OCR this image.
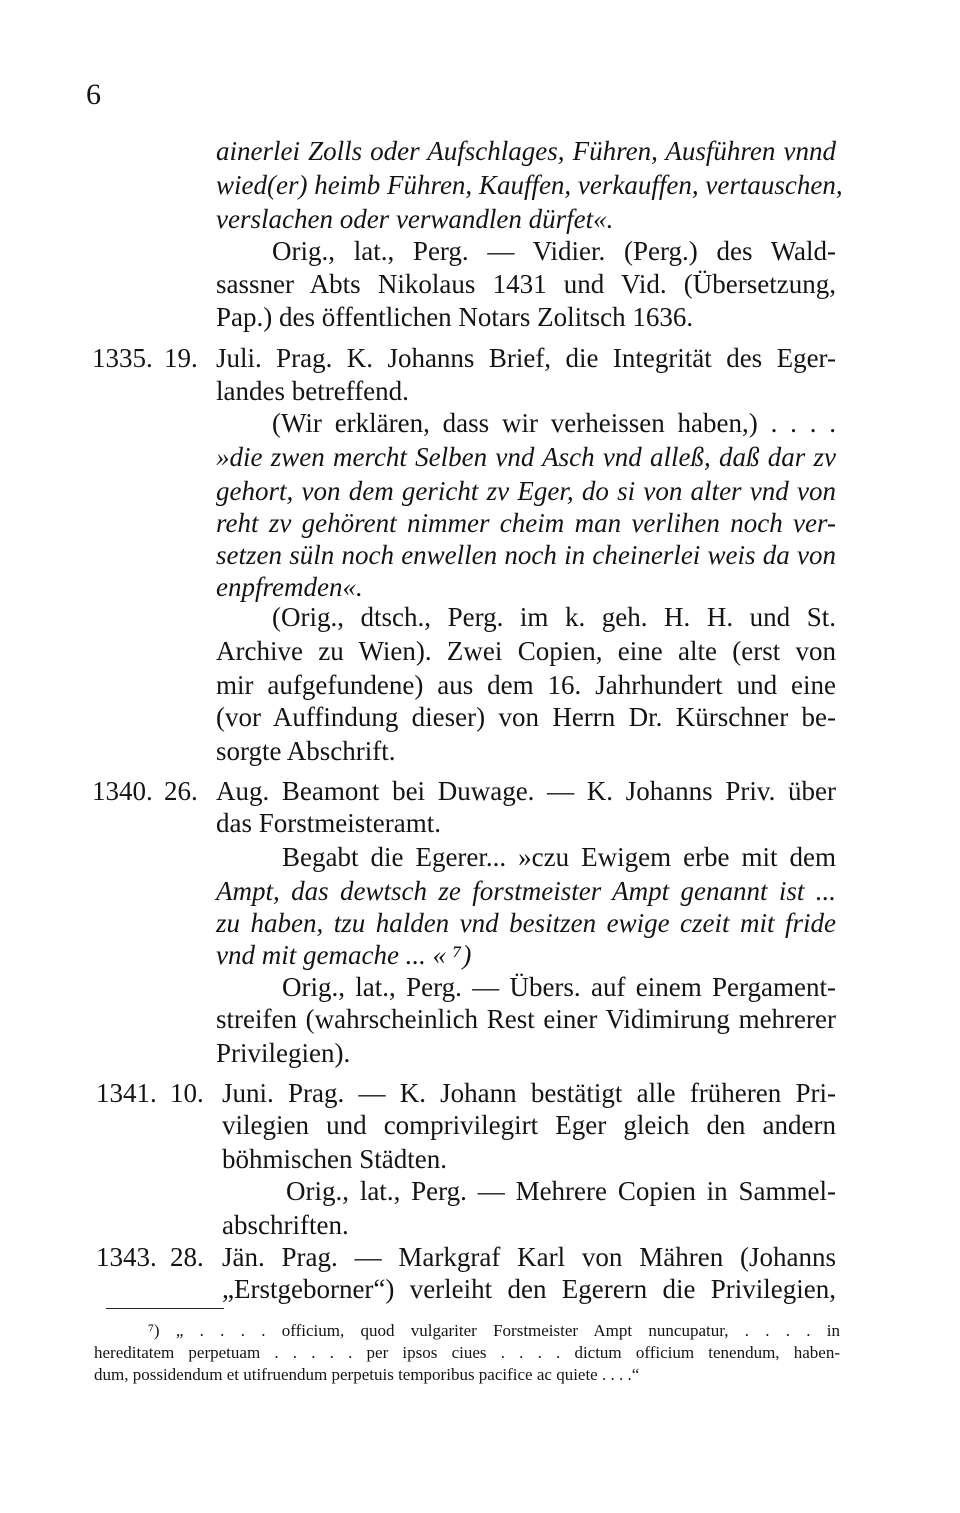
6
ainerlei Zolls oder Aufschlages, Führen, Ausführen vnnd
wied(er) heimb Führen, Kauffen, verkauffen, vertauschen,
verslachen oder verwandlen dürfet«.
Orig., lat., Perg. — Vidier. (Perg.) des Wald-
sassner Abts Nikolaus 1431 und Vid. (Übersetzung,
Pap.) des öffentlichen Notars Zolitsch 1636.
1335. 19. Juli. Prag. K. Johanns Brief, die Integrität des Eger-
landes betreffend.
(Wir erklären, dass wir verheissen haben,) . . . .
»die zwen mercht Selben vnd Asch vnd alleß, daß dar zv
gehort, von dem gericht zv Eger, do si von alter vnd von
reht zv gehörent nimmer cheim man verlihen noch ver-
setzen süln noch enwellen noch in cheinerlei weis da von
enpfremden«.
(Orig., dtsch., Perg. im k. geh. H. H. und St.
Archive zu Wien). Zwei Copien, eine alte (erst von
mir aufgefundene) aus dem 16. Jahrhundert und eine
(vor Auffindung dieser) von Herrn Dr. Kürschner be-
sorgte Abschrift.
1340. 26. Aug. Beamont bei Duwage. — K. Johanns Priv. über
das Forstmeisteramt.
Begabt die Egerer... »czu Ewigem erbe mit dem
Ampt, das dewtsch ze forstmeister Ampt genannt ist ...
zu haben, tzu halden vnd besitzen ewige czeit mit fride
vnd mit gemache ... « ⁷)
Orig., lat., Perg. — Übers. auf einem Pergament-
streifen (wahrscheinlich Rest einer Vidimirung mehrerer
Privilegien).
1341. 10. Juni. Prag. — K. Johann bestätigt alle früheren Pri-
vilegien und comprivilegirt Eger gleich den andern
böhmischen Städten.
Orig., lat., Perg. — Mehrere Copien in Sammel-
abschriften.
1343. 28. Jän. Prag. — Markgraf Karl von Mähren (Johanns
„Erstgeborner“) verleiht den Egerern die Privilegien,
⁷) „ . . . . officium, quod vulgariter Forstmeister Ampt nuncupatur, . . . . in
hereditatem perpetuam . . . . . per ipsos ciues . . . . dictum officium tenendum, haben-
dum, possidendum et utifruendum perpetuis temporibus pacifice ac quiete . . . .“
